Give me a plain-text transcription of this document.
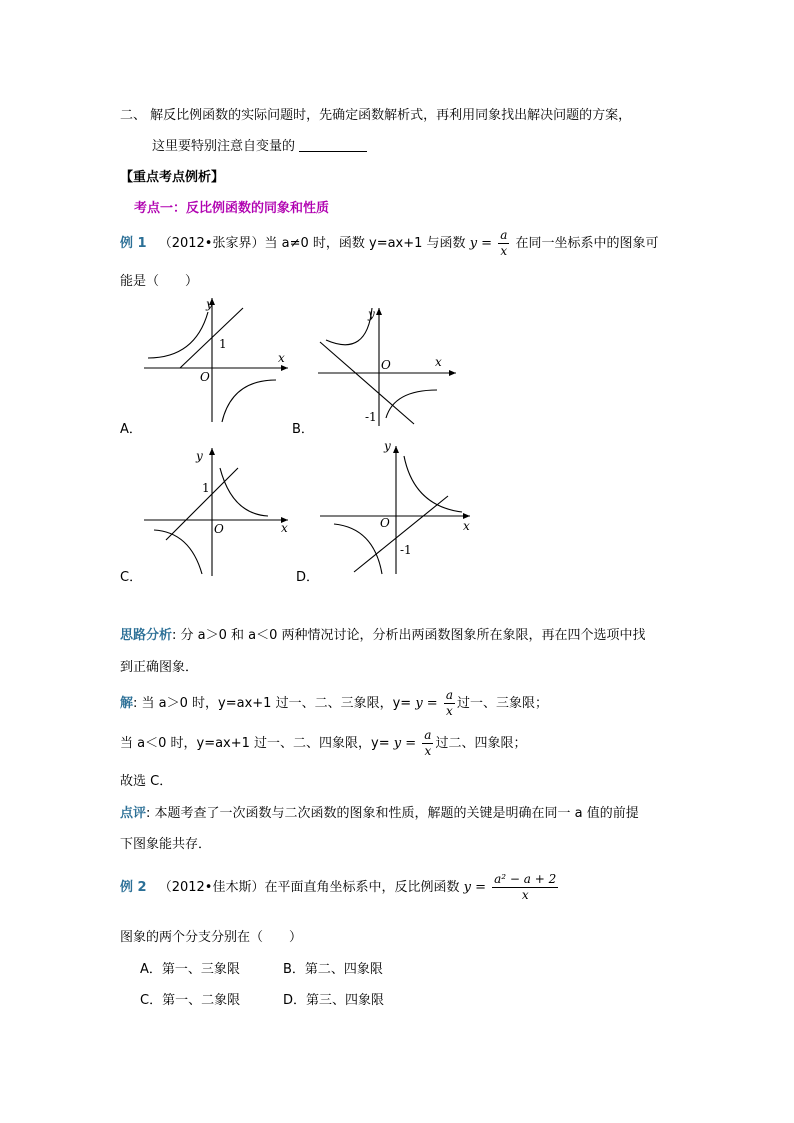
二、 解反比例函数的实际问题时，先确定函数解析式，再利用同象找出解决问题的方案，
这里要特别注意自变量的
【重点考点例析】
考点一：反比例函数的同象和性质
例 1 （2012•张家界）当 a≠0 时，函数 y=ax+1 与函数 $y = \frac{a}{x}$ 在同一坐标系中的图象可
能是（　　）
y
x
O
1
A．
y
x
O
-1
B．
y
x
O
1
C．
y
x
O
-1
D．
思路分析: 分 a＞0 和 a＜0 两种情况讨论，分析出两函数图象所在象限，再在四个选项中找
到正确图象．
解: 当 a＞0 时，y=ax+1 过一、二、三象限，$y= y = \frac{a}{x}$ 过一、三象限；
当 a＜0 时，y=ax+1 过一、二、四象限，$y= y = \frac{a}{x}$ 过二、四象限；
故选 C．
点评: 本题考查了一次函数与二次函数的图象和性质，解题的关键是明确在同一 a 值的前提
下图象能共存．
例 2 （2012•佳木斯）在平面直角坐标系中，反比例函数 $y = \frac{\text{a² − a + 2}}{x}$
图象的两个分支分别在（　　）
A．第一、三象限	B．第二、四象限
C．第一、二象限	D．第三、四象限
